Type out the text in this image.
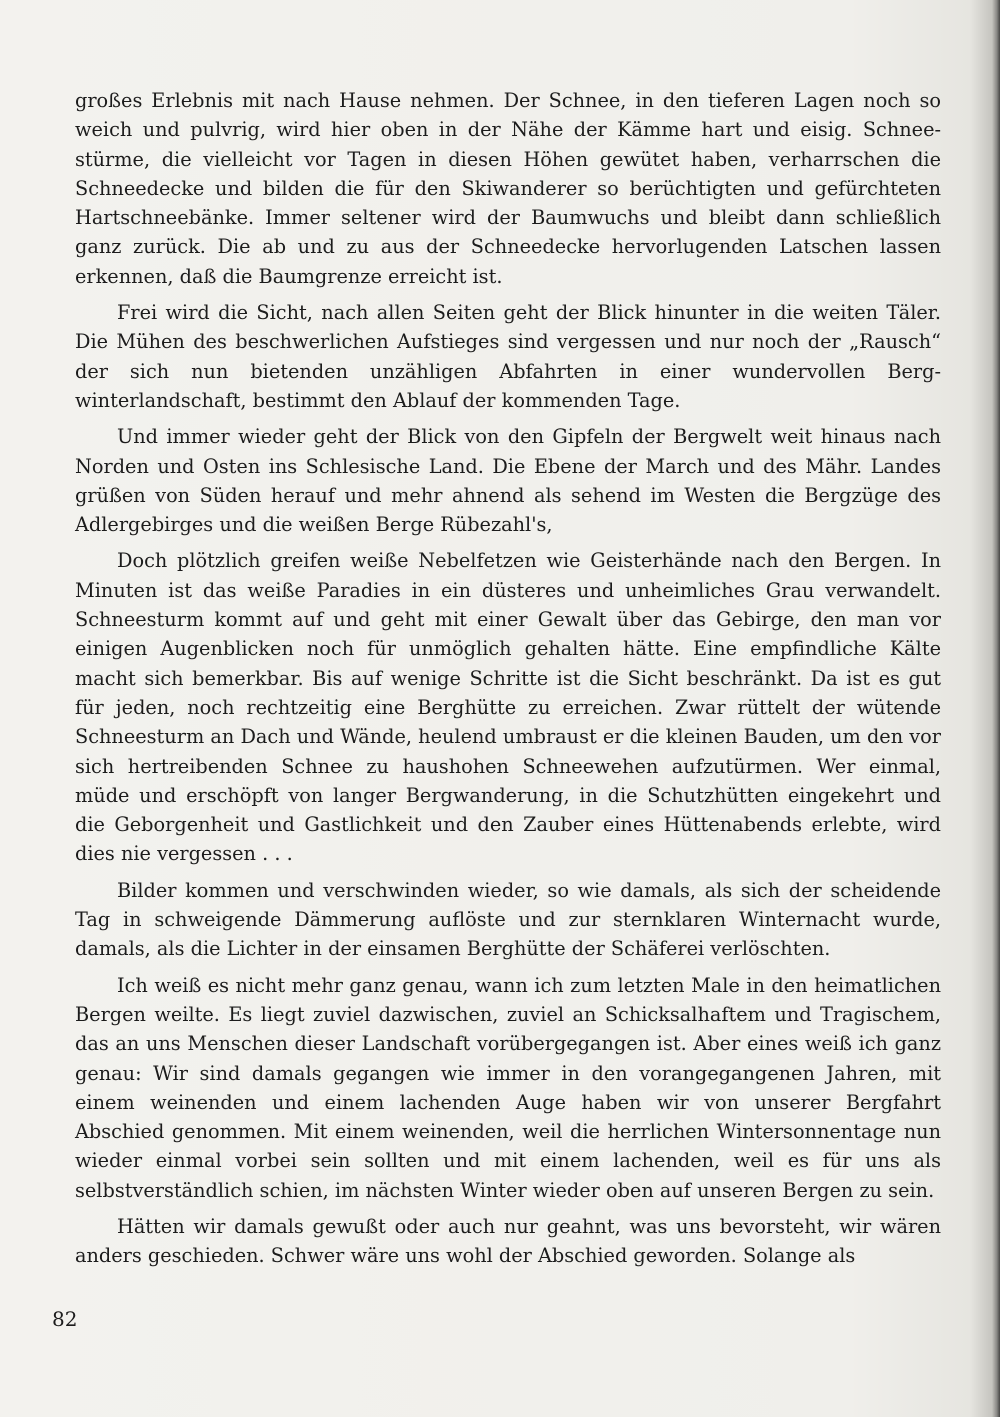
großes Erlebnis mit nach Hause nehmen. Der Schnee, in den tieferen Lagen noch so weich und pulvrig, wird hier oben in der Nähe der Kämme hart und eisig. Schneestürme, die vielleicht vor Tagen in diesen Höhen gewütet haben, verharrschen die Schneedecke und bilden die für den Skiwanderer so berüchtigten und gefürchteten Hartschneebänke. Immer seltener wird der Baumwuchs und bleibt dann schließlich ganz zurück. Die ab und zu aus der Schneedecke hervorlugenden Latschen lassen erkennen, daß die Baumgrenze erreicht ist.

Frei wird die Sicht, nach allen Seiten geht der Blick hinunter in die weiten Täler. Die Mühen des beschwerlichen Aufstieges sind vergessen und nur noch der „Rausch“ der sich nun bietenden unzähligen Abfahrten in einer wundervollen Bergwinterlandschaft, bestimmt den Ablauf der kommenden Tage.

Und immer wieder geht der Blick von den Gipfeln der Bergwelt weit hinaus nach Norden und Osten ins Schlesische Land. Die Ebene der March und des Mähr. Landes grüßen von Süden herauf und mehr ahnend als sehend im Westen die Bergzüge des Adlergebirges und die weißen Berge Rübezahl's,

Doch plötzlich greifen weiße Nebelfetzen wie Geisterhände nach den Bergen. In Minuten ist das weiße Paradies in ein düsteres und unheimliches Grau verwandelt. Schneesturm kommt auf und geht mit einer Gewalt über das Gebirge, den man vor einigen Augenblicken noch für unmöglich gehalten hätte. Eine empfindliche Kälte macht sich bemerkbar. Bis auf wenige Schritte ist die Sicht beschränkt. Da ist es gut für jeden, noch rechtzeitig eine Berghütte zu erreichen. Zwar rüttelt der wütende Schneesturm an Dach und Wände, heulend umbraust er die kleinen Bauden, um den vor sich hertreibenden Schnee zu haushohen Schneewehen aufzutürmen. Wer einmal, müde und erschöpft von langer Bergwanderung, in die Schutzhütten eingekehrt und die Geborgenheit und Gastlichkeit und den Zauber eines Hüttenabends erlebte, wird dies nie vergessen . . .

Bilder kommen und verschwinden wieder, so wie damals, als sich der scheidende Tag in schweigende Dämmerung auflöste und zur sternklaren Winternacht wurde, damals, als die Lichter in der einsamen Berghütte der Schäferei verlöschten.

Ich weiß es nicht mehr ganz genau, wann ich zum letzten Male in den heimatlichen Bergen weilte. Es liegt zuviel dazwischen, zuviel an Schicksalhaftem und Tragischem, das an uns Menschen dieser Landschaft vorübergegangen ist. Aber eines weiß ich ganz genau: Wir sind damals gegangen wie immer in den vorangegangenen Jahren, mit einem weinenden und einem lachenden Auge haben wir von unserer Bergfahrt Abschied genommen. Mit einem weinenden, weil die herrlichen Wintersonnentage nun wieder einmal vorbei sein sollten und mit einem lachenden, weil es für uns als selbstverständlich schien, im nächsten Winter wieder oben auf unseren Bergen zu sein.

Hätten wir damals gewußt oder auch nur geahnt, was uns bevorsteht, wir wären anders geschieden. Schwer wäre uns wohl der Abschied geworden. Solange als

82
